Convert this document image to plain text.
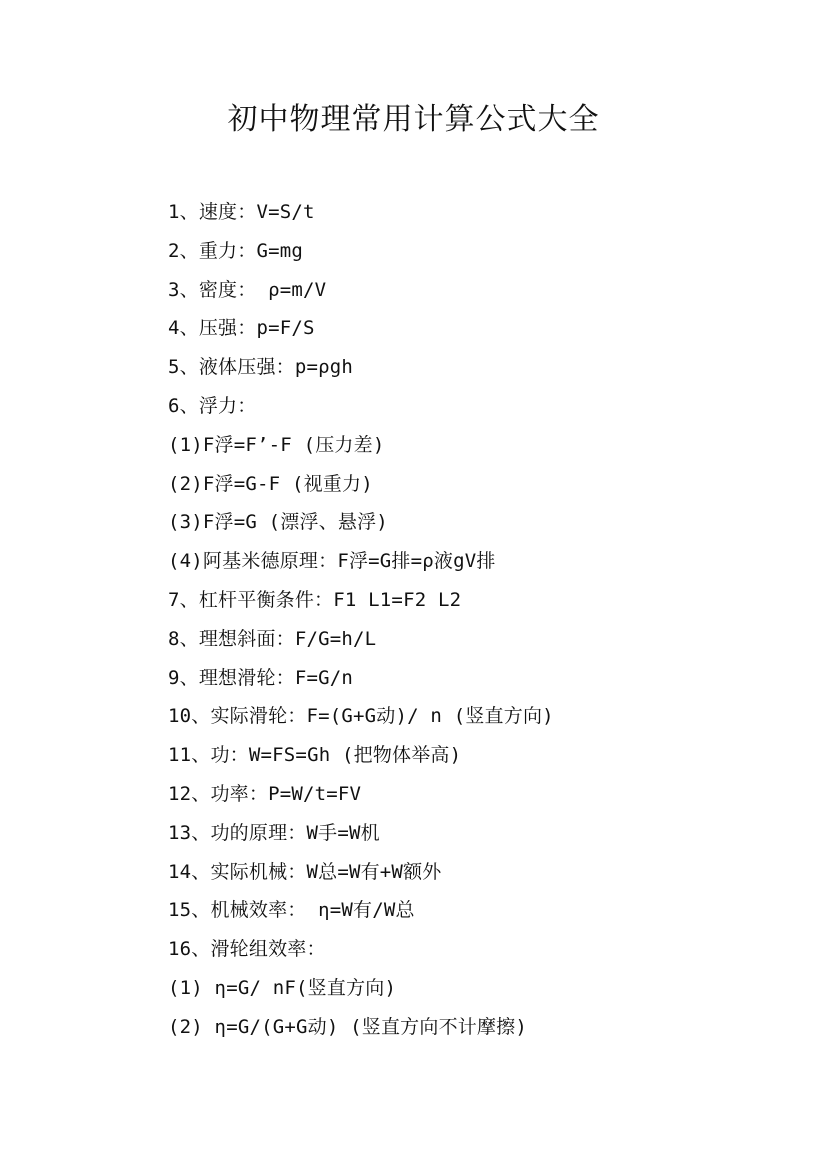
初中物理常用计算公式大全
1、速度：V=S/t
2、重力：G=mg
3、密度： ρ=m/V
4、压强：p=F/S
5、液体压强：p=ρgh
6、浮力：
(1)F浮=F’-F (压力差)
(2)F浮=G-F (视重力)
(3)F浮=G (漂浮、悬浮)
(4)阿基米德原理：F浮=G排=ρ液gV排
7、杠杆平衡条件：F1 L1=F2 L2
8、理想斜面：F/G=h/L
9、理想滑轮：F=G/n
10、实际滑轮：F=(G+G动)/ n (竖直方向)
11、功：W=FS=Gh (把物体举高)
12、功率：P=W/t=FV
13、功的原理：W手=W机
14、实际机械：W总=W有+W额外
15、机械效率： η=W有/W总
16、滑轮组效率：
(1) η=G/ nF(竖直方向)
(2) η=G/(G+G动) (竖直方向不计摩擦)
